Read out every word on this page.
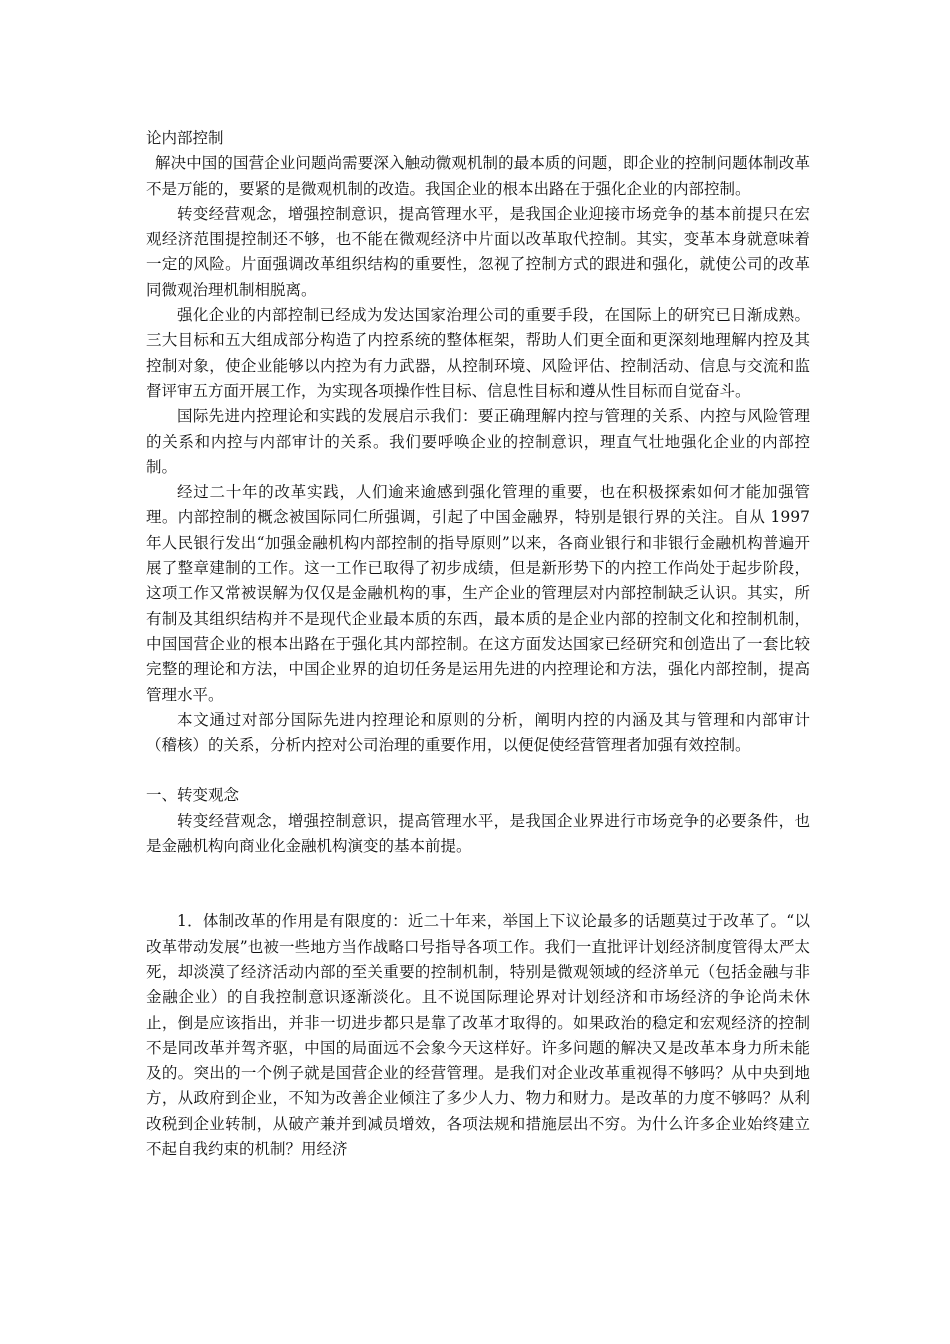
论内部控制

解决中国的国营企业问题尚需要深入触动微观机制的最本质的问题，即企业的控制问题体制改革不是万能的，要紧的是微观机制的改造。我国企业的根本出路在于强化企业的内部控制。

转变经营观念，增强控制意识，提高管理水平，是我国企业迎接市场竞争的基本前提只在宏观经济范围提控制还不够，也不能在微观经济中片面以改革取代控制。其实，变革本身就意味着一定的风险。片面强调改革组织结构的重要性，忽视了控制方式的跟进和强化，就使公司的改革同微观治理机制相脱离。

强化企业的内部控制已经成为发达国家治理公司的重要手段，在国际上的研究已日渐成熟。三大目标和五大组成部分构造了内控系统的整体框架，帮助人们更全面和更深刻地理解内控及其控制对象，使企业能够以内控为有力武器，从控制环境、风险评估、控制活动、信息与交流和监督评审五方面开展工作，为实现各项操作性目标、信息性目标和遵从性目标而自觉奋斗。

国际先进内控理论和实践的发展启示我们：要正确理解内控与管理的关系、内控与风险管理的关系和内控与内部审计的关系。我们要呼唤企业的控制意识，理直气壮地强化企业的内部控制。

经过二十年的改革实践，人们逾来逾感到强化管理的重要，也在积极探索如何才能加强管理。内部控制的概念被国际同仁所强调，引起了中国金融界，特别是银行界的关注。自从 1997 年人民银行发出“加强金融机构内部控制的指导原则”以来，各商业银行和非银行金融机构普遍开展了整章建制的工作。这一工作已取得了初步成绩，但是新形势下的内控工作尚处于起步阶段，这项工作又常被误解为仅仅是金融机构的事，生产企业的管理层对内部控制缺乏认识。其实，所有制及其组织结构并不是现代企业最本质的东西，最本质的是企业内部的控制文化和控制机制，中国国营企业的根本出路在于强化其内部控制。在这方面发达国家已经研究和创造出了一套比较完整的理论和方法，中国企业界的迫切任务是运用先进的内控理论和方法，强化内部控制，提高管理水平。

本文通过对部分国际先进内控理论和原则的分析，阐明内控的内涵及其与管理和内部审计（稽核）的关系，分析内控对公司治理的重要作用，以便促使经营管理者加强有效控制。

一、转变观念

转变经营观念，增强控制意识，提高管理水平，是我国企业界进行市场竞争的必要条件，也是金融机构向商业化金融机构演变的基本前提。

1．体制改革的作用是有限度的：近二十年来，举国上下议论最多的话题莫过于改革了。“以改革带动发展”也被一些地方当作战略口号指导各项工作。我们一直批评计划经济制度管得太严太死，却淡漠了经济活动内部的至关重要的控制机制，特别是微观领域的经济单元（包括金融与非金融企业）的自我控制意识逐渐淡化。且不说国际理论界对计划经济和市场经济的争论尚未休止，倒是应该指出，并非一切进步都只是靠了改革才取得的。如果政治的稳定和宏观经济的控制不是同改革并驾齐驱，中国的局面远不会象今天这样好。许多问题的解决又是改革本身力所未能及的。突出的一个例子就是国营企业的经营管理。是我们对企业改革重视得不够吗？从中央到地方，从政府到企业，不知为改善企业倾注了多少人力、物力和财力。是改革的力度不够吗？从利改税到企业转制，从破产兼并到减员增效，各项法规和措施层出不穷。为什么许多企业始终建立不起自我约束的机制？用经济
